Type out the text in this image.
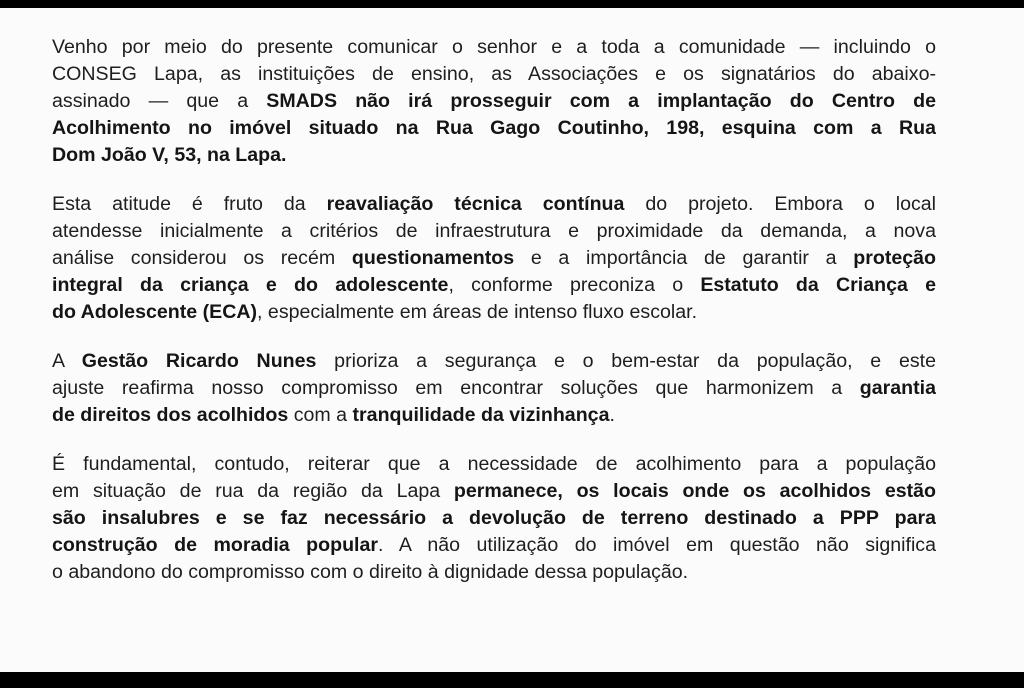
Venho por meio do presente comunicar o senhor e a toda a comunidade — incluindo o
CONSEG Lapa, as instituições de ensino, as Associações e os signatários do abaixo-
assinado — que a SMADS não irá prosseguir com a implantação do Centro de
Acolhimento no imóvel situado na Rua Gago Coutinho, 198, esquina com a Rua
Dom João V, 53, na Lapa.
Esta atitude é fruto da reavaliação técnica contínua do projeto. Embora o local
atendesse inicialmente a critérios de infraestrutura e proximidade da demanda, a nova
análise considerou os recém questionamentos e a importância de garantir a proteção
integral da criança e do adolescente, conforme preconiza o Estatuto da Criança e
do Adolescente (ECA), especialmente em áreas de intenso fluxo escolar.
A Gestão Ricardo Nunes prioriza a segurança e o bem-estar da população, e este
ajuste reafirma nosso compromisso em encontrar soluções que harmonizem a garantia
de direitos dos acolhidos com a tranquilidade da vizinhança.
É fundamental, contudo, reiterar que a necessidade de acolhimento para a população
em situação de rua da região da Lapa permanece, os locais onde os acolhidos estão
são insalubres e se faz necessário a devolução de terreno destinado a PPP para
construção de moradia popular. A não utilização do imóvel em questão não significa
o abandono do compromisso com o direito à dignidade dessa população.
